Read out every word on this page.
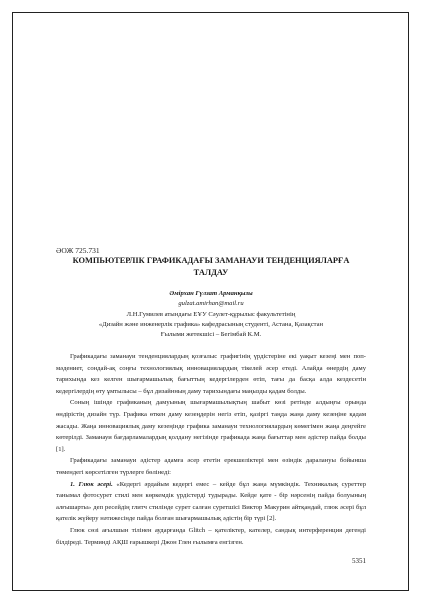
ӘОЖ 725.731
КОМПЬЮТЕРЛІК ГРАФИКАДАҒЫ ЗАМАНАУИ ТЕНДЕНЦИЯЛАРҒА ТАЛДАУ
Әмірхан Гүлзат Арманқызы
gulzat.amirhan@mail.ru
Л.Н.Гумилев атындағы ЕҰУ Сәулет-құрылыс факультетінің
«Дизайн және инженерлік графика» кафедрасының студенті, Астана, Қазақстан
Ғылыми жетекшісі – Бегімбай К.М.

Графикадағы заманауи тенденциялардың қозғалыс графигінің үрдістеріне екі уақыт кезеңі мен поп-мәдениет, сондай-ақ соңғы технологиялық инновациялардың тікелей әсер етеді. Алайда өнердің даму тарихында кез келген шығармашылық бағыттың кедергілерден өтіп, тағы да басқа алда кездесетін кедергілердің өту ұмтылысы – бұл дизайнның даму тарихындағы маңызды қадам болды.

Соның ішінде графиканың дамуының шығармашылықтың шабыт көзі ретінде алдыңғы орында өндірістің дизайн түр. Графика өткен даму кезеңдерін негіз етіп, қазіргі таңда жаңа даму кезеңіне қадам жасады. Жаңа инновациялық даму кезеңінде графика заманауи технологиялардың көмегімен жаңа деңгейге көтерілді. Заманауи бағдарламалардың қолдану негізінде графикада жаңа бағыттар мен әдістер пайда болды [1].

Графикадағы заманауи әдістер адамға әсер ететін ерекшеліктері мен өзіндік даралануы бойынша төмендегі көрсетілген түрлерге бөлінеді:

1. Глюк әсері. «Кедергі әрдайым кедергі емес – кейде бұл жаңа мүмкіндік. Техникалық суреттер танымал фотосурет стилі мен көркемдік үрдістерді тудырады. Кейде қате - бір нәрсенің пайда болуының алғышарты» деп ресейдің глитч стилінде сурет салған суретшісі Виктор Макурин айтқандай, глюк әсері бұл қателік жүйеру нәтижесінде пайда болған шығармашылық әдістің бір түрі [2].

Глюк сөзі ағылшын тілінен аударғанда Glitch – қателіктер, кателер, сандық интерференция дегенді білдіреді. Терминді АҚШ ғарышкері Джон Глен ғылымға енгізген.

5351
